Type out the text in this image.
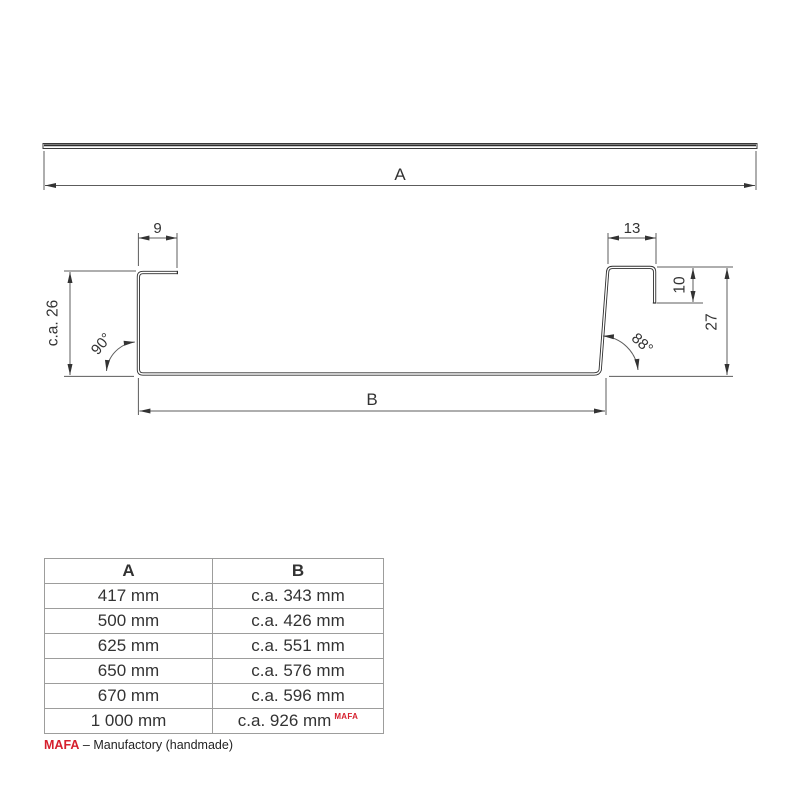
A
9	13
c.a. 26 90°
B
10
27
88°
A	B
417 mm	c.a. 343 mm
500 mm	c.a. 426 mm
625 mm	c.a. 551 mm
650 mm	c.a. 576 mm
670 mm	c.a. 596 mm
1 000 mm	c.a. 926 mm $^{MAFA}$
MAFA – Manufactory (handmade)
